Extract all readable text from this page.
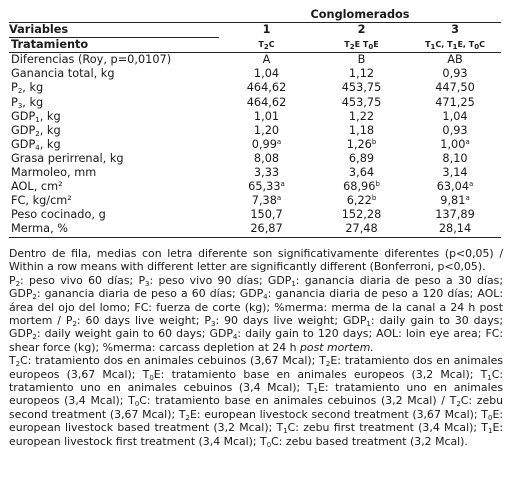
	Conglomerados		
Variables	1	2	3
Tratamiento	$T_2C$	$T_2E$ $T_0E$	$T_1C$, $T_1E$, $T_0C$
Diferencias (Roy, p=0,0107)	A	B	AB
Ganancia total, kg	1,04	1,12	0,93
$P_2$, kg	464,62	453,75	447,50
$P_3$, kg	464,62	453,75	471,25
$GDP_1$, kg	1,01	1,22	1,04
$GDP_2$, kg	1,20	1,18	0,93
$GDP_4$, kg	0,99$^a$	1,26$^b$	1,00$^a$
Grasa perirrenal, kg	8,08	6,89	8,10
Marmoleo, mm	3,33	3,64	3,14
AOL, cm²	65,33$^a$	68,96$^b$	63,04$^a$
FC, kg/cm²	7,38$^a$	6,22$^b$	9,81$^a$
Peso cocinado, g	150,7	152,28	137,89
Merma, %	26,87	27,48	28,14

Dentro de fila, medias con letra diferente son significativamente diferentes (p<0,05) / Within a row means with different letter are significantly different (Bonferroni, p<0,05).

$P_2$: peso vivo 60 días; $P_3$: peso vivo 90 días; $GDP_1$: ganancia diaria de peso a 30 días; $GDP_2$: ganancia diaria de peso a 60 días; $GDP_4$: ganancia diaria de peso a 120 días; AOL: área del ojo del lomo; FC: fuerza de corte (kg); %merma: merma de la canal a 24 h post mortem / $P_2$: 60 days live weight; $P_3$: 90 days live weight; $GDP_1$: daily gain to 30 days; $GDP_2$: daily weight gain to 60 days; $GDP_4$: daily gain to 120 days; AOL: loin eye area; FC: shear force (kg); %merma: carcass depletion at 24 h post mortem.

$T_2C$: tratamiento dos en animales cebuinos (3,67 Mcal); $T_2E$: tratamiento dos en animales europeos (3,67 Mcal); $T_0E$: tratamiento base en animales europeos (3,2 Mcal); $T_1C$: tratamiento uno en animales cebuinos (3,4 Mcal); $T_1E$: tratamiento uno en animales europeos (3,4 Mcal); $T_0C$: tratamiento base en animales cebuinos (3,2 Mcal) / $T_2C$: zebu second treatment (3,67 Mcal); $T_2E$: european livestock second treatment (3,67 Mcal); $T_0E$: european livestock based treatment (3,2 Mcal); $T_1C$: zebu first treatment (3,4 Mcal); $T_1E$: european livestock first treatment (3,4 Mcal); $T_0C$: zebu based treatment (3,2 Mcal).
